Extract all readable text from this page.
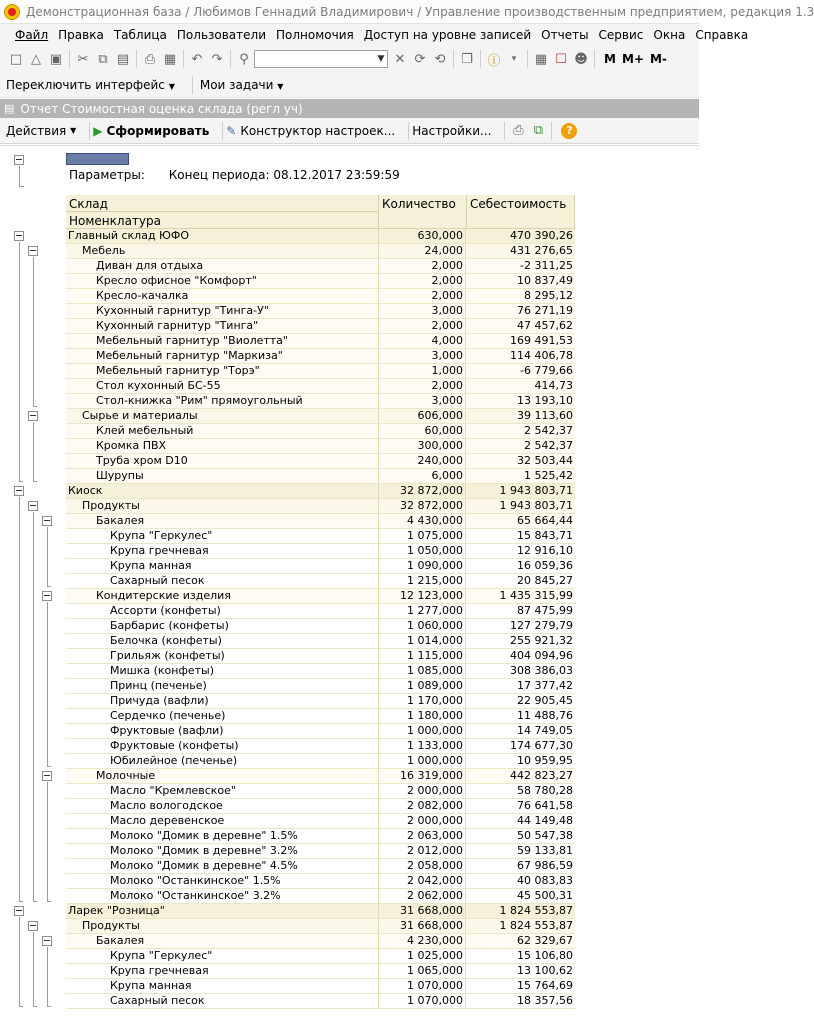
Демонстрационная база / Любимов Геннадий Владимирович / Управление производственным предприятием, редакция 1.3
Файл Правка Таблица Пользователи Полномочия Доступ на уровне записей Отчеты Сервис Окна Справка
□ △ ▣	✂ ⧉ ▤	⎙ ▦	↶ ↷	⚲	▼ ✕ ⟳ ⟲	❐	ⓘ	▾	▦ ☐ ☻ M M+ M-
Переключить интерфейс ▼ Мои задачи ▼
▤ Отчет Стоимостная оценка склада (регл уч)
Действия
▼ ▶ Сформировать ✎ Конструктор настроек... Настройки...	⎙ ⧉	?
Параметры: Конец периода: 08.12.2017 23:59:59
Склад
Номенклатура
Количество	Себестоимость
Главный склад ЮФО	630,000	470 390,26
Мебель	24,000	431 276,65
Диван для отдыха	2,000	-2 311,25
Кресло офисное "Комфорт"	2,000	10 837,49
Кресло-качалка	2,000	8 295,12
Кухонный гарнитур "Тинга-У"	3,000	76 271,19
Кухонный гарнитур "Тинга"	2,000	47 457,62
Мебельный гарнитур "Виолетта"	4,000	169 491,53
Мебельный гарнитур "Маркиза"	3,000	114 406,78
Мебельный гарнитур "Торэ"	1,000	-6 779,66
Стол кухонный БС-55	2,000	414,73
Стол-книжка "Рим" прямоугольный	3,000	13 193,10
Сырье и материалы	606,000	39 113,60
Клей мебельный	60,000	2 542,37
Кромка ПВХ	300,000	2 542,37
Труба хром D10	240,000	32 503,44
Шурупы	6,000	1 525,42
Киоск	32 872,000	1 943 803,71
Продукты	32 872,000	1 943 803,71
Бакалея	4 430,000	65 664,44
Крупа "Геркулес"	1 075,000	15 843,71
Крупа гречневая	1 050,000	12 916,10
Крупа манная	1 090,000	16 059,36
Сахарный песок	1 215,000	20 845,27
Кондитерские изделия	12 123,000	1 435 315,99
Ассорти (конфеты)	1 277,000	87 475,99
Барбарис (конфеты)	1 060,000	127 279,79
Белочка (конфеты)	1 014,000	255 921,32
Грильяж (конфеты)	1 115,000	404 094,96
Мишка (конфеты)	1 085,000	308 386,03
Принц (печенье)	1 089,000	17 377,42
Причуда (вафли)	1 170,000	22 905,45
Сердечко (печенье)	1 180,000	11 488,76
Фруктовые (вафли)	1 000,000	14 749,05
Фруктовые (конфеты)	1 133,000	174 677,30
Юбилейное (печенье)	1 000,000	10 959,95
Молочные	16 319,000	442 823,27
Масло "Кремлевское"	2 000,000	58 780,28
Масло вологодское	2 082,000	76 641,58
Масло деревенское	2 000,000	44 149,48
Молоко "Домик в деревне" 1.5%	2 063,000	50 547,38
Молоко "Домик в деревне" 3.2%	2 012,000	59 133,81
Молоко "Домик в деревне" 4.5%	2 058,000	67 986,59
Молоко "Останкинское" 1.5%	2 042,000	40 083,83
Молоко "Останкинское" 3.2%	2 062,000	45 500,31
Ларек "Розница"	31 668,000	1 824 553,87
Продукты	31 668,000	1 824 553,87
Бакалея	4 230,000	62 329,67
Крупа "Геркулес"	1 025,000	15 106,80
Крупа гречневая	1 065,000	13 100,62
Крупа манная	1 070,000	15 764,69
Сахарный песок	1 070,000	18 357,56
